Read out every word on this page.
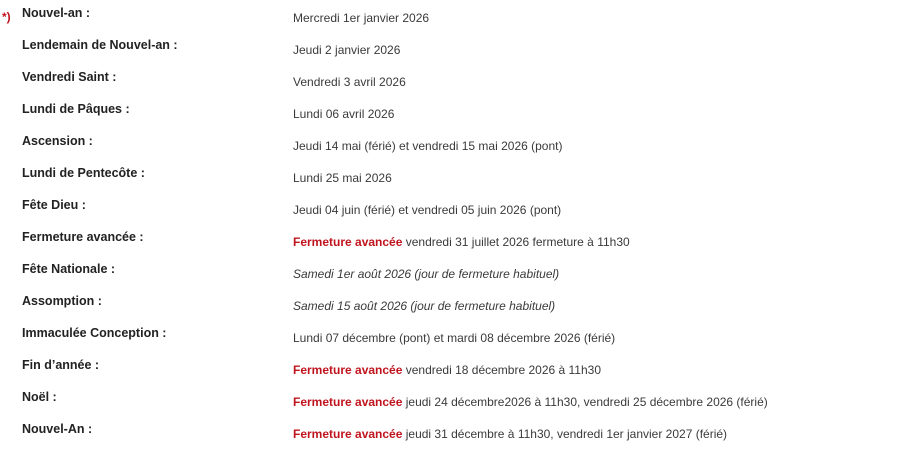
*) Nouvel-an :	Mercredi 1er janvier 2026
Lendemain de Nouvel-an :	Jeudi 2 janvier 2026
Vendredi Saint :	Vendredi 3 avril 2026
Lundi de Pâques :	Lundi 06 avril 2026
Ascension :	Jeudi 14 mai (férié) et vendredi 15 mai 2026 (pont)
Lundi de Pentecôte :	Lundi 25 mai 2026
Fête Dieu :	Jeudi 04 juin (férié) et vendredi 05 juin 2026 (pont)
Fermeture avancée :	Fermeture avancée vendredi 31 juillet 2026 fermeture à 11h30
Fête Nationale :	Samedi 1er août 2026 (jour de fermeture habituel)
Assomption :	Samedi 15 août 2026 (jour de fermeture habituel)
Immaculée Conception :	Lundi 07 décembre (pont) et mardi 08 décembre 2026 (férié)
Fin d’année :	Fermeture avancée vendredi 18 décembre 2026 à 11h30
Noël :	Fermeture avancée jeudi 24 décembre2026 à 11h30, vendredi 25 décembre 2026 (férié)
Nouvel-An :	Fermeture avancée jeudi 31 décembre à 11h30, vendredi 1er janvier 2027 (férié)
